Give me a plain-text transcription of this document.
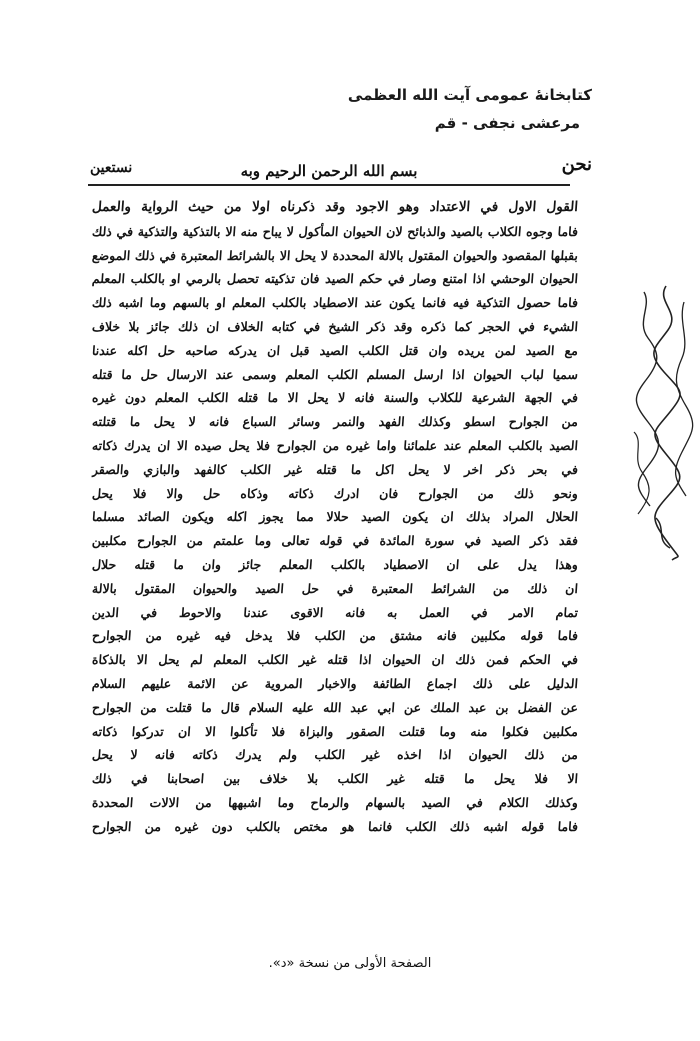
کتابخانهٔ عمومی آیت الله العظمی
مرعشی نجفی - قم
بسم الله الرحمن الرحيم وبه
نستعين	نحن
القول الاول في الاعتداد وهو الاجود وقد ذكرناه اولا من حيث الرواية والعمل
فاما وجوه الكلاب بالصيد والذبائح لان الحيوان المأكول لا يباح منه الا بالتذكية والتذكية في ذلك
بقبلها المقصود والحيوان المقتول بالالة المحددة لا يحل الا بالشرائط المعتبرة في ذلك الموضع
الحيوان الوحشي اذا امتنع وصار في حكم الصيد فان تذكيته تحصل بالرمي او بالكلب المعلم
فاما حصول التذكية فيه فانما يكون عند الاصطياد بالكلب المعلم او بالسهم وما اشبه ذلك
الشيء في الحجر كما ذكره وقد ذكر الشيخ في كتابه الخلاف ان ذلك جائز بلا خلاف
مع الصيد لمن يريده وان قتل الكلب الصيد قبل ان يدركه صاحبه حل اكله عندنا
سميا لباب الحيوان اذا ارسل المسلم الكلب المعلم وسمى عند الارسال حل ما قتله
في الجهة الشرعية للكلاب والسنة فانه لا يحل الا ما قتله الكلب المعلم دون غيره
من الجوارح اسطو وكذلك الفهد والنمر وسائر السباع فانه لا يحل ما قتلته
الصيد بالكلب المعلم عند علمائنا واما غيره من الجوارح فلا يحل صيده الا ان يدرك ذكاته
في بحر ذكر اخر لا يحل اكل ما قتله غير الكلب كالفهد والبازي والصقر
ونحو ذلك من الجوارح فان ادرك ذكاته وذكاه حل والا فلا يحل
الحلال المراد بذلك ان يكون الصيد حلالا مما يجوز اكله ويكون الصائد مسلما
فقد ذكر الصيد في سورة المائدة في قوله تعالى وما علمتم من الجوارح مكلبين
وهذا يدل على ان الاصطياد بالكلب المعلم جائز وان ما قتله حلال
ان ذلك من الشرائط المعتبرة في حل الصيد والحيوان المقتول بالالة
تمام الامر في العمل به فانه الاقوى عندنا والاحوط في الدين
فاما قوله مكلبين فانه مشتق من الكلب فلا يدخل فيه غيره من الجوارح
في الحكم فمن ذلك ان الحيوان اذا قتله غير الكلب المعلم لم يحل الا بالذكاة
الدليل على ذلك اجماع الطائفة والاخبار المروية عن الائمة عليهم السلام
عن الفضل بن عبد الملك عن ابي عبد الله عليه السلام قال ما قتلت من الجوارح
مكلبين فكلوا منه وما قتلت الصقور والبزاة فلا تأكلوا الا ان تدركوا ذكاته
من ذلك الحيوان اذا اخذه غير الكلب ولم يدرك ذكاته فانه لا يحل
الا فلا يحل ما قتله غير الكلب بلا خلاف بين اصحابنا في ذلك
وكذلك الكلام في الصيد بالسهام والرماح وما اشبهها من الالات المحددة
فاما قوله اشبه ذلك الكلب فانما هو مختص بالكلب دون غيره من الجوارح
الصفحة الأولى من نسخة «د».
